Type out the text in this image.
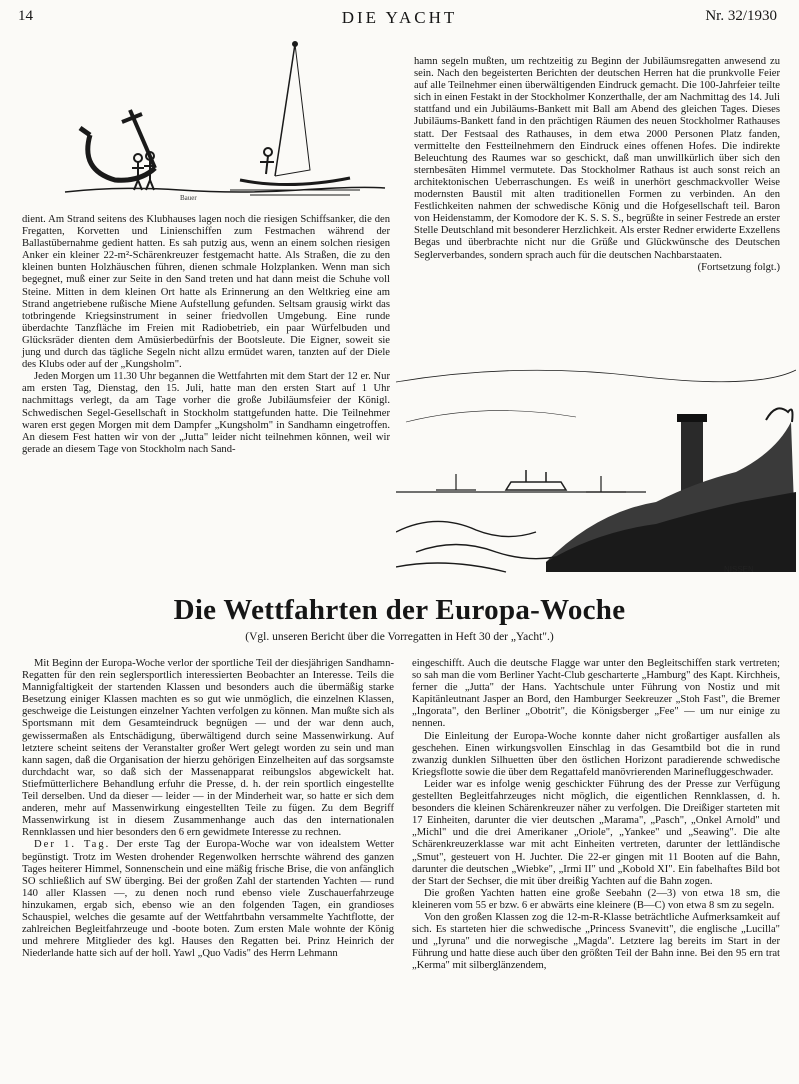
14	DIE YACHT	Nr. 32/1930
Bauer

dient. Am Strand seitens des Klubhauses lagen noch die riesigen Schiffsanker, die den Fregatten, Korvetten und Linienschiffen zum Festmachen während der Ballastübernahme gedient hatten. Es sah putzig aus, wenn an einem solchen riesigen Anker ein kleiner 22-m²-Schärenkreuzer festgemacht hatte. Als Straßen, die zu den kleinen bunten Holzhäuschen führen, dienen schmale Holzplanken. Wenn man sich begegnet, muß einer zur Seite in den Sand treten und hat dann meist die Schuhe voll Steine. Mitten in dem kleinen Ort hatte als Erinnerung an den Weltkrieg eine am Strand angetriebene rußische Miene Aufstellung gefunden. Seltsam grausig wirkt das totbringende Kriegsinstrument in seiner friedvollen Umgebung. Eine runde überdachte Tanzfläche im Freien mit Radiobetrieb, ein paar Würfelbuden und Glücksräder dienten dem Amüsierbedürfnis der Bootsleute. Die Eigner, soweit sie jung und durch das tägliche Segeln nicht allzu ermüdet waren, tanzten auf der Diele des Klubs oder auf der „Kungsholm".

Jeden Morgen um 11.30 Uhr begannen die Wettfahrten mit dem Start der 12 er. Nur am ersten Tag, Dienstag, den 15. Juli, hatte man den ersten Start auf 1 Uhr nachmittags verlegt, da am Tage vorher die große Jubiläumsfeier der Königl. Schwedischen Segel-Gesellschaft in Stockholm stattgefunden hatte. Die Teilnehmer waren erst gegen Morgen mit dem Dampfer „Kungsholm" in Sandhamn eingetroffen. An diesem Fest hatten wir von der „Jutta" leider nicht teilnehmen können, weil wir gerade an diesem Tage von Stockholm nach Sand-

hamn segeln mußten, um rechtzeitig zu Beginn der Jubiläumsregatten anwesend zu sein. Nach den begeisterten Berichten der deutschen Herren hat die prunkvolle Feier auf alle Teilnehmer einen überwältigenden Eindruck gemacht. Die 100-Jahrfeier teilte sich in einen Festakt in der Stockholmer Konzerthalle, der am Nachmittag des 14. Juli stattfand und ein Jubiläums-Bankett mit Ball am Abend des gleichen Tages. Dieses Jubiläums-Bankett fand in den prächtigen Räumen des neuen Stockholmer Rathauses statt. Der Festsaal des Rathauses, in dem etwa 2000 Personen Platz fanden, vermittelte den Festteilnehmern den Eindruck eines offenen Hofes. Die indirekte Beleuchtung des Raumes war so geschickt, daß man unwillkürlich über sich den sternbesäten Himmel vermutete. Das Stockholmer Rathaus ist auch sonst reich an architektonischen Ueberraschungen. Es weiß in unerhört geschmackvoller Weise modernsten Baustil mit alten traditionellen Formen zu verbinden. An den Festlichkeiten nahmen der schwedische König und die Hofgesellschaft teil. Baron von Heidenstamm, der Komodore der K. S. S. S., begrüßte in seiner Festrede an erster Stelle Deutschland mit besonderer Herzlichkeit. Als erster Redner erwiderte Exzellens Begas und überbrachte nicht nur die Grüße und Glückwünsche des Deutschen Seglerverbandes, sondern sprach auch für die deutschen Nachbarstaaten.

(Fortsetzung folgt.)
NISSEN
Die Wettfahrten der Europa-Woche
(Vgl. unseren Bericht über die Vorregatten in Heft 30 der „Yacht".)

Mit Beginn der Europa-Woche verlor der sportliche Teil der diesjährigen Sandhamn-Regatten für den rein seglersportlich interessierten Beobachter an Interesse. Teils die Mannigfaltigkeit der startenden Klassen und besonders auch die übermäßig starke Besetzung einiger Klassen machten es so gut wie unmöglich, die einzelnen Klassen, geschweige die Leistungen einzelner Yachten verfolgen zu können. Man mußte sich als Sportsmann mit dem Gesamteindruck begnügen — und der war denn auch, gewissermaßen als Entschädigung, überwältigend durch seine Massenwirkung. Auf letztere scheint seitens der Veranstalter großer Wert gelegt worden zu sein und man kann sagen, daß die Organisation der hierzu gehörigen Einzelheiten auf das sorgsamste durchdacht war, so daß sich der Massenapparat reibungslos abgewickelt hat. Stiefmütterlichere Behandlung erfuhr die Presse, d. h. der rein sportlich eingestellte Teil derselben. Und da dieser — leider — in der Minderheit war, so hatte er sich dem anderen, mehr auf Massenwirkung eingestellten Teile zu fügen. Zu dem Begriff Massenwirkung ist in diesem Zusammenhange auch das den internationalen Rennklassen und hier besonders den 6 ern gewidmete Interesse zu rechnen.

Der 1. Tag. Der erste Tag der Europa-Woche war von idealstem Wetter begünstigt. Trotz im Westen drohender Regenwolken herrschte während des ganzen Tages heiterer Himmel, Sonnenschein und eine mäßig frische Brise, die von anfänglich SO schließlich auf SW überging. Bei der großen Zahl der startenden Yachten — rund 140 aller Klassen —, zu denen noch rund ebenso viele Zuschauerfahrzeuge hinzukamen, ergab sich, ebenso wie an den folgenden Tagen, ein grandioses Schauspiel, welches die gesamte auf der Wettfahrtbahn versammelte Yachtflotte, der zahlreichen Begleitfahrzeuge und -boote boten. Zum ersten Male wohnte der König und mehrere Mitglieder des kgl. Hauses den Regatten bei. Prinz Heinrich der Niederlande hatte sich auf der holl. Yawl „Quo Vadis" des Herrn Lehmann

eingeschifft. Auch die deutsche Flagge war unter den Begleitschiffen stark vertreten; so sah man die vom Berliner Yacht-Club gescharterte „Hamburg" des Kapt. Kirchheis, ferner die „Jutta" der Hans. Yachtschule unter Führung von Nostiz und mit Kapitänleutnant Jasper an Bord, den Hamburger Seekreuzer „Stoh Fast", die Bremer „Ingorata", den Berliner „Obotrit", die Königsberger „Fee" — um nur einige zu nennen.

Die Einleitung der Europa-Woche konnte daher nicht großartiger ausfallen als geschehen. Einen wirkungsvollen Einschlag in das Gesamtbild bot die in rund zwanzig dunklen Silhuetten über den östlichen Horizont paradierende schwedische Kriegsflotte sowie die über dem Regattafeld manövrierenden Marinefluggeschwader.

Leider war es infolge wenig geschickter Führung des der Presse zur Verfügung gestellten Begleitfahrzeuges nicht möglich, die eigentlichen Rennklassen, d. h. besonders die kleinen Schärenkreuzer näher zu verfolgen. Die Dreißiger starteten mit 17 Einheiten, darunter die vier deutschen „Marama", „Pasch", „Onkel Arnold" und „Michl" und die drei Amerikaner „Oriole", „Yankee" und „Seawing". Die alte Schärenkreuzerklasse war mit acht Einheiten vertreten, darunter der lettländische „Smut", gesteuert von H. Juchter. Die 22-er gingen mit 11 Booten auf die Bahn, darunter die deutschen „Wiebke", „Irmi II" und „Kobold XI". Ein fabelhaftes Bild bot der Start der Sechser, die mit über dreißig Yachten auf die Bahn zogen.

Die großen Yachten hatten eine große Seebahn (2—3) von etwa 18 sm, die kleineren vom 55 er bzw. 6 er abwärts eine kleinere (B—C) von etwa 8 sm zu segeln.

Von den großen Klassen zog die 12-m-R-Klasse beträchtliche Aufmerksamkeit auf sich. Es starteten hier die schwedische „Princess Svanevitt", die englische „Lucilla" und „Iyruna" und die norwegische „Magda". Letztere lag bereits im Start in der Führung und hatte diese auch über den größten Teil der Bahn inne. Bei den 95 ern trat „Kerma" mit silberglänzendem,
